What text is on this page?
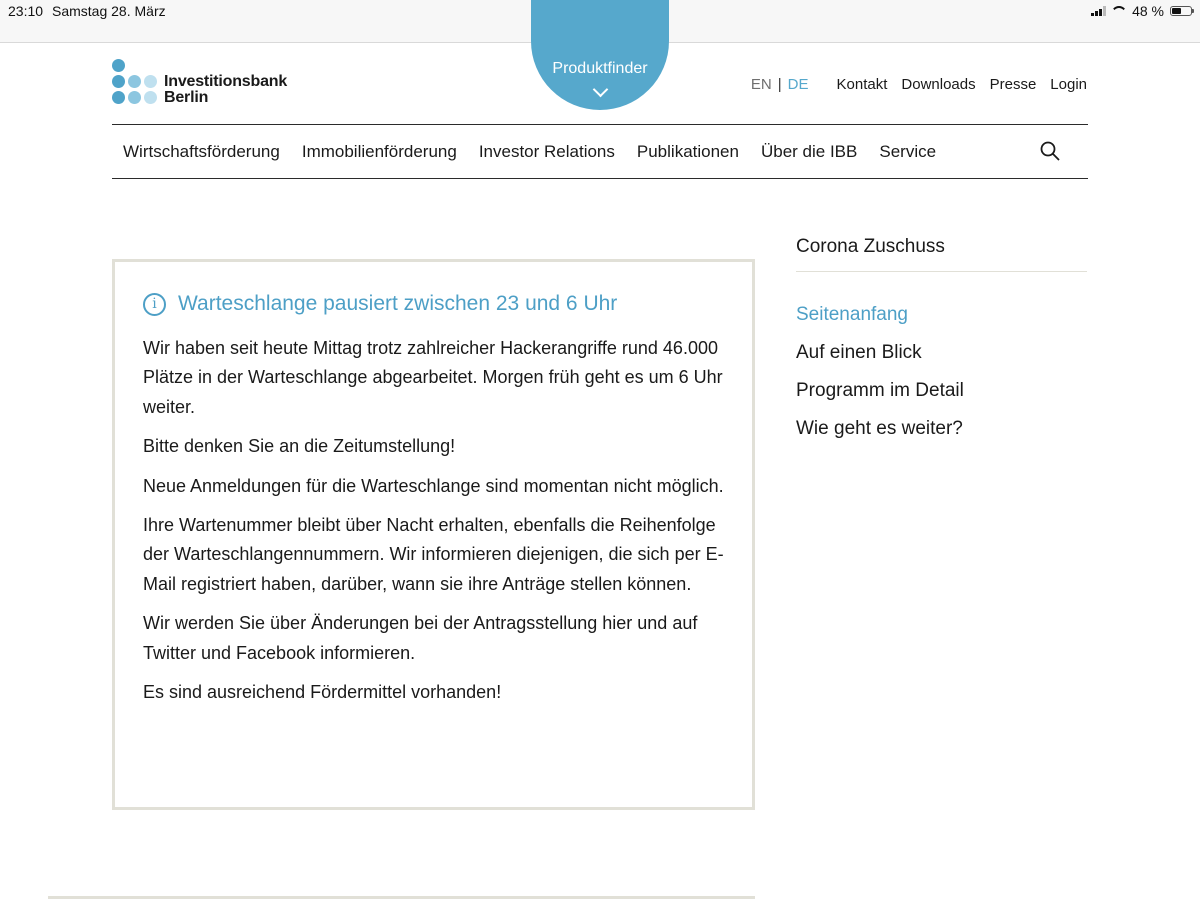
23:10 Samstag 28. März	48 %
Investitionsbank
Berlin
Produktfinder
EN | DE Kontakt Downloads Presse Login
Wirtschaftsförderung Immobilienförderung Investor Relations Publikationen Über die IBB Service
i	Warteschlange pausiert zwischen 23 und 6 Uhr

Wir haben seit heute Mittag trotz zahlreicher Hackerangriffe rund 46.000 Plätze in der Warteschlange abgearbeitet. Morgen früh geht es um 6 Uhr weiter.

Bitte denken Sie an die Zeitumstellung!

Neue Anmeldungen für die Warteschlange sind momentan nicht möglich.

Ihre Wartenummer bleibt über Nacht erhalten, ebenfalls die Reihenfolge der Warteschlangennummern. Wir informieren diejenigen, die sich per E-Mail registriert haben, darüber, wann sie ihre Anträge stellen können.

Wir werden Sie über Änderungen bei der Antragsstellung hier und auf Twitter und Facebook informieren.

Es sind ausreichend Fördermittel vorhanden!

Corona Zuschuss
Seitenanfang
Auf einen Blick
Programm im Detail
Wie geht es weiter?
